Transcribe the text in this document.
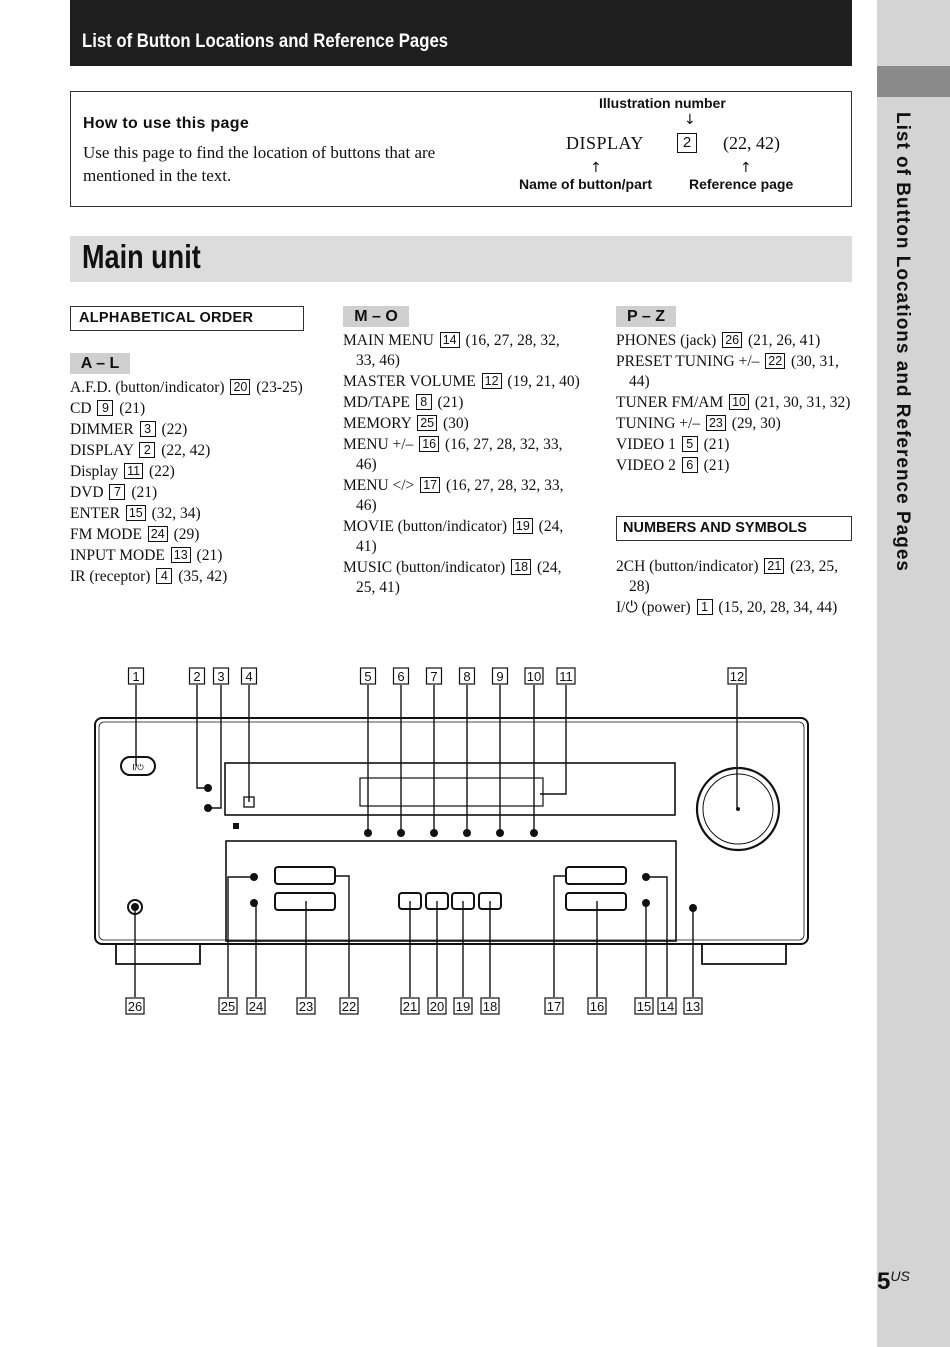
List of Button Locations and Reference Pages
$5^{US}$
List of Button Locations and Reference Pages
How to use this page
Use this page to find the location of buttons that are mentioned in the text.
Illustration number
↓
DISPLAY	2	(22, 42)
↑	↑
Name of button/part	Reference page
Main unit
ALPHABETICAL ORDER
A – L
M – O	P – Z
NUMBERS AND SYMBOLS
A.F.D. (button/indicator) 20 (23-25)
CD 9 (21)
DIMMER 3 (22)
DISPLAY 2 (22, 42)
Display 11 (22)
DVD 7 (21)
ENTER 15 (32, 34)
FM MODE 24 (29)
INPUT MODE 13 (21)
IR (receptor) 4 (35, 42)
MAIN MENU 14 (16, 27, 28, 32, 33, 46)
MASTER VOLUME 12 (19, 21, 40)
MD/TAPE 8 (21)
MEMORY 25 (30)
MENU +/– 16 (16, 27, 28, 32, 33, 46)
MENU </> 17 (16, 27, 28, 32, 33, 46)
MOVIE (button/indicator) 19 (24, 41)
MUSIC (button/indicator) 18 (24, 25, 41)
PHONES (jack) 26 (21, 26, 41)
PRESET TUNING +/– 22 (30, 31, 44)
TUNER FM/AM 10 (21, 30, 31, 32)
TUNING +/– 23 (29, 30)
VIDEO 1 5 (21)
VIDEO 2 6 (21)
2CH (button/indicator) 21 (23, 25, 28)
I/⏻ (power) 1 (15, 20, 28, 34, 44)
I/⏻
1	2 3 4	5 6 7 8 9 10 11	12
26	25 24	23 22	21 20 19 18	17 16	15 14 13
